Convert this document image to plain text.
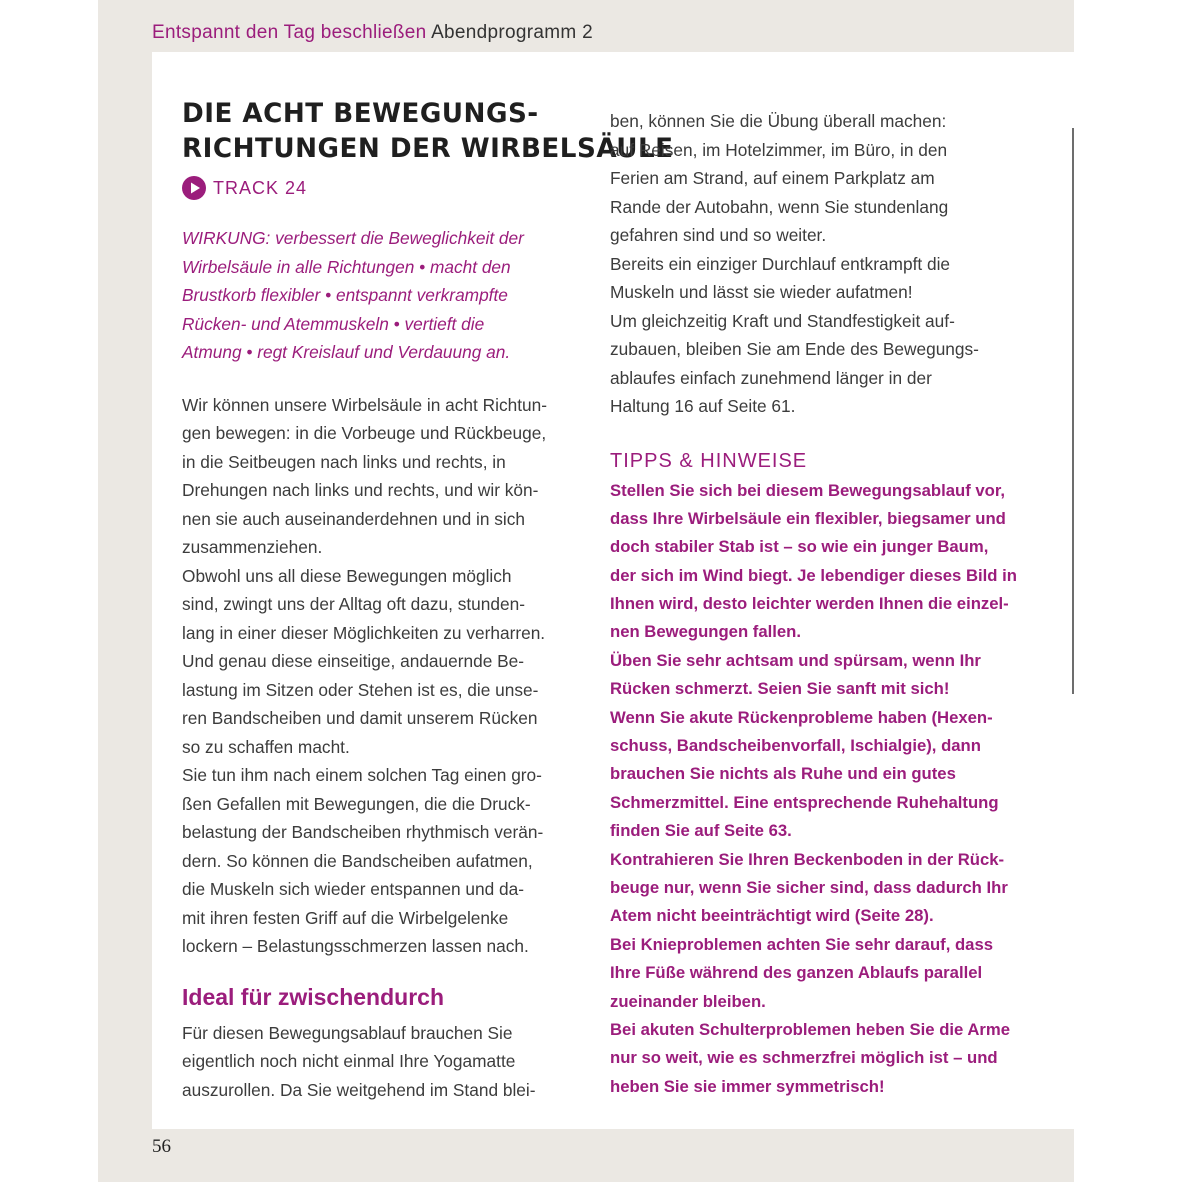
Entspannt den Tag beschließen Abendprogramm 2
DIE ACHT BEWEGUNGS-
RICHTUNGEN DER WIRBELSÄULE
TRACK 24
WIRKUNG: verbessert die Beweglichkeit der
Wirbelsäule in alle Richtungen • macht den
Brustkorb flexibler • entspannt verkrampfte
Rücken- und Atemmuskeln • vertieft die
Atmung • regt Kreislauf und Verdauung an.
Wir können unsere Wirbelsäule in acht Richtun-
gen bewegen: in die Vorbeuge und Rückbeuge,
in die Seitbeugen nach links und rechts, in
Drehungen nach links und rechts, und wir kön-
nen sie auch auseinanderdehnen und in sich
zusammenziehen.
Obwohl uns all diese Bewegungen möglich
sind, zwingt uns der Alltag oft dazu, stunden-
lang in einer dieser Möglichkeiten zu verharren.
Und genau diese einseitige, andauernde Be-
lastung im Sitzen oder Stehen ist es, die unse-
ren Bandscheiben und damit unserem Rücken
so zu schaffen macht.
Sie tun ihm nach einem solchen Tag einen gro-
ßen Gefallen mit Bewegungen, die die Druck-
belastung der Bandscheiben rhythmisch verän-
dern. So können die Bandscheiben aufatmen,
die Muskeln sich wieder entspannen und da-
mit ihren festen Griff auf die Wirbelgelenke
lockern – Belastungsschmerzen lassen nach.
Ideal für zwischendurch
Für diesen Bewegungsablauf brauchen Sie
eigentlich noch nicht einmal Ihre Yogamatte
auszurollen. Da Sie weitgehend im Stand blei-
ben, können Sie die Übung überall machen:
auf Reisen, im Hotelzimmer, im Büro, in den
Ferien am Strand, auf einem Parkplatz am
Rande der Autobahn, wenn Sie stundenlang
gefahren sind und so weiter.
Bereits ein einziger Durchlauf entkrampft die
Muskeln und lässt sie wieder aufatmen!
Um gleichzeitig Kraft und Standfestigkeit auf-
zubauen, bleiben Sie am Ende des Bewegungs-
ablaufes einfach zunehmend länger in der
Haltung 16 auf Seite 61.
TIPPS & HINWEISE
Stellen Sie sich bei diesem Bewegungsablauf vor,
dass Ihre Wirbelsäule ein flexibler, biegsamer und
doch stabiler Stab ist – so wie ein junger Baum,
der sich im Wind biegt. Je lebendiger dieses Bild in
Ihnen wird, desto leichter werden Ihnen die einzel-
nen Bewegungen fallen.
Üben Sie sehr achtsam und spürsam, wenn Ihr
Rücken schmerzt. Seien Sie sanft mit sich!
Wenn Sie akute Rückenprobleme haben (Hexen-
schuss, Bandscheibenvorfall, Ischialgie), dann
brauchen Sie nichts als Ruhe und ein gutes
Schmerzmittel. Eine entsprechende Ruhehaltung
finden Sie auf Seite 63.
Kontrahieren Sie Ihren Beckenboden in der Rück-
beuge nur, wenn Sie sicher sind, dass dadurch Ihr
Atem nicht beeinträchtigt wird (Seite 28).
Bei Knieproblemen achten Sie sehr darauf, dass
Ihre Füße während des ganzen Ablaufs parallel
zueinander bleiben.
Bei akuten Schulterproblemen heben Sie die Arme
nur so weit, wie es schmerzfrei möglich ist – und
heben Sie sie immer symmetrisch!
56
